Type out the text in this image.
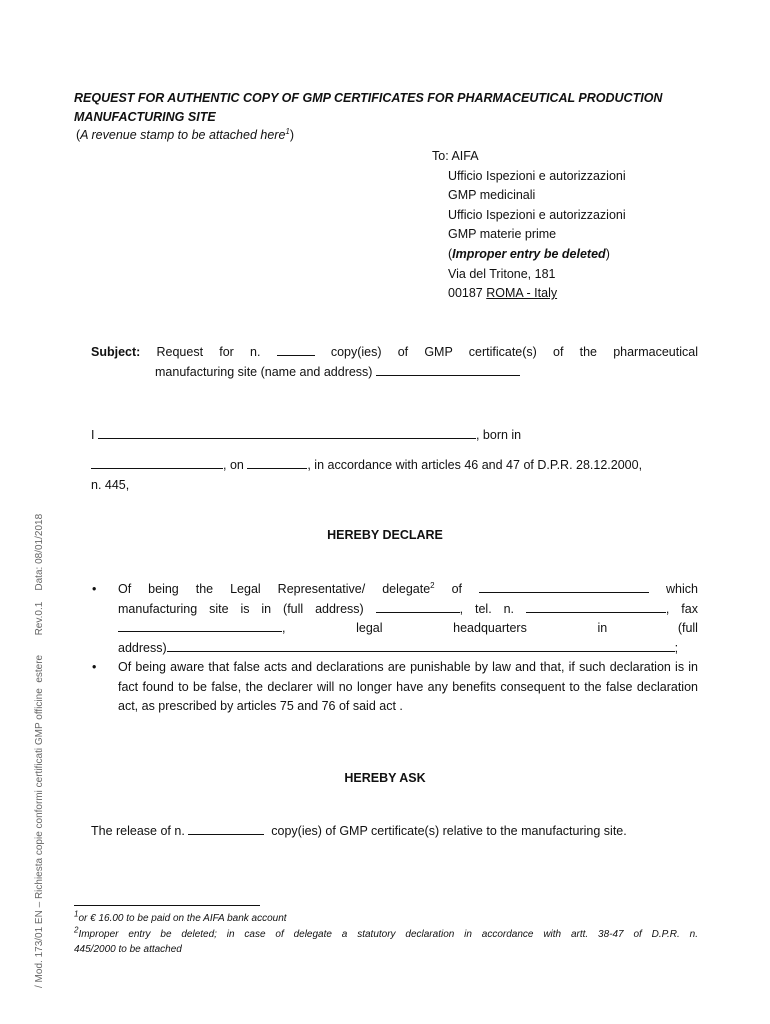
REQUEST FOR AUTHENTIC COPY OF GMP CERTIFICATES FOR PHARMACEUTICAL PRODUCTION
MANUFACTURING SITE
(A revenue stamp to be attached here$^1$)
To: AIFA
Ufficio Ispezioni e autorizzazioni
GMP medicinali
Ufficio Ispezioni e autorizzazioni
GMP materie prime
(Improper entry be deleted)
Via del Tritone, 181
00187 ROMA - Italy
Subject: Request for n.	copy(ies) of GMP certificate(s) of the pharmaceutical
manufacturing site (name and address)
I	, born in
, on	, in accordance with articles 46 and 47 of D.P.R. 28.12.2000,
n. 445,
HEREBY DECLARE
• Of being the Legal Representative/ delegate$^2$ of	which
manufacturing site is in (full address)	, tel. n.	, fax
,	legal	headquarters	in	(full
address)	;
• Of being aware that false acts and declarations are punishable by law and that, if such declaration is in fact found to be false, the declarer will no longer have any benefits consequent to the false declaration act, as prescribed by articles 75 and 76 of said act .
HEREBY ASK
The release of n.	copy(ies) of GMP certificate(s) relative to the manufacturing site.
$^1$or € 16.00 to be paid on the AIFA bank account
$^2$Improper entry be deleted; in case of delegate a statutory declaration in accordance with artt. 38-47 of D.P.R. n.
445/2000 to be attached
/ Mod. 173/01 EN – Richiesta copie conformi certificati GMP officine  estere       Rev.0.1    Data: 08/01/2018
